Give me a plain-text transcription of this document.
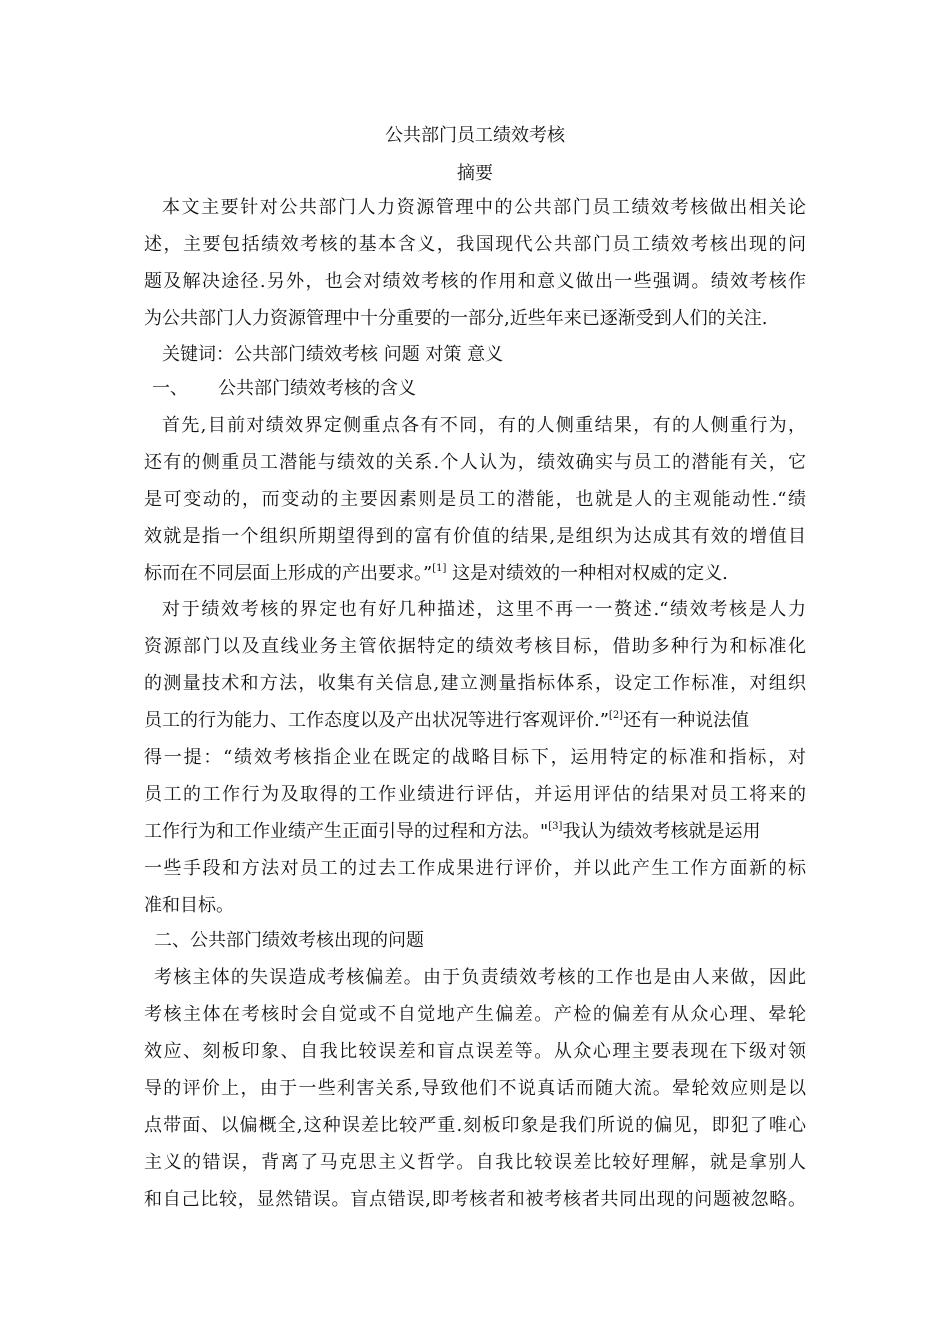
公共部门员工绩效考核
摘要
本文主要针对公共部门人力资源管理中的公共部门员工绩效考核做出相关论
述，主要包括绩效考核的基本含义，我国现代公共部门员工绩效考核出现的问
题及解决途径.另外，也会对绩效考核的作用和意义做出一些强调。绩效考核作
为公共部门人力资源管理中十分重要的一部分,近些年来已逐渐受到人们的关注.
关键词：公共部门绩效考核 问题 对策 意义
一、 公共部门绩效考核的含义
首先,目前对绩效界定侧重点各有不同，有的人侧重结果，有的人侧重行为，
还有的侧重员工潜能与绩效的关系.个人认为，绩效确实与员工的潜能有关，它
是可变动的，而变动的主要因素则是员工的潜能，也就是人的主观能动性.“绩
效就是指一个组织所期望得到的富有价值的结果,是组织为达成其有效的增值目
标而在不同层面上形成的产出要求。”[1] 这是对绩效的一种相对权威的定义.
对于绩效考核的界定也有好几种描述，这里不再一一赘述.“绩效考核是人力
资源部门以及直线业务主管依据特定的绩效考核目标，借助多种行为和标准化
的测量技术和方法，收集有关信息,建立测量指标体系，设定工作标准，对组织
员工的行为能力、工作态度以及产出状况等进行客观评价.”[2]还有一种说法值
得一提：“绩效考核指企业在既定的战略目标下，运用特定的标准和指标，对
员工的工作行为及取得的工作业绩进行评估，并运用评估的结果对员工将来的
工作行为和工作业绩产生正面引导的过程和方法。"[3]我认为绩效考核就是运用
一些手段和方法对员工的过去工作成果进行评价，并以此产生工作方面新的标
准和目标。
二、公共部门绩效考核出现的问题
考核主体的失误造成考核偏差。由于负责绩效考核的工作也是由人来做，因此
考核主体在考核时会自觉或不自觉地产生偏差。产检的偏差有从众心理、晕轮
效应、刻板印象、自我比较误差和盲点误差等。从众心理主要表现在下级对领
导的评价上，由于一些利害关系,导致他们不说真话而随大流。晕轮效应则是以
点带面、以偏概全,这种误差比较严重.刻板印象是我们所说的偏见，即犯了唯心
主义的错误，背离了马克思主义哲学。自我比较误差比较好理解，就是拿别人
和自己比较，显然错误。盲点错误,即考核者和被考核者共同出现的问题被忽略。
